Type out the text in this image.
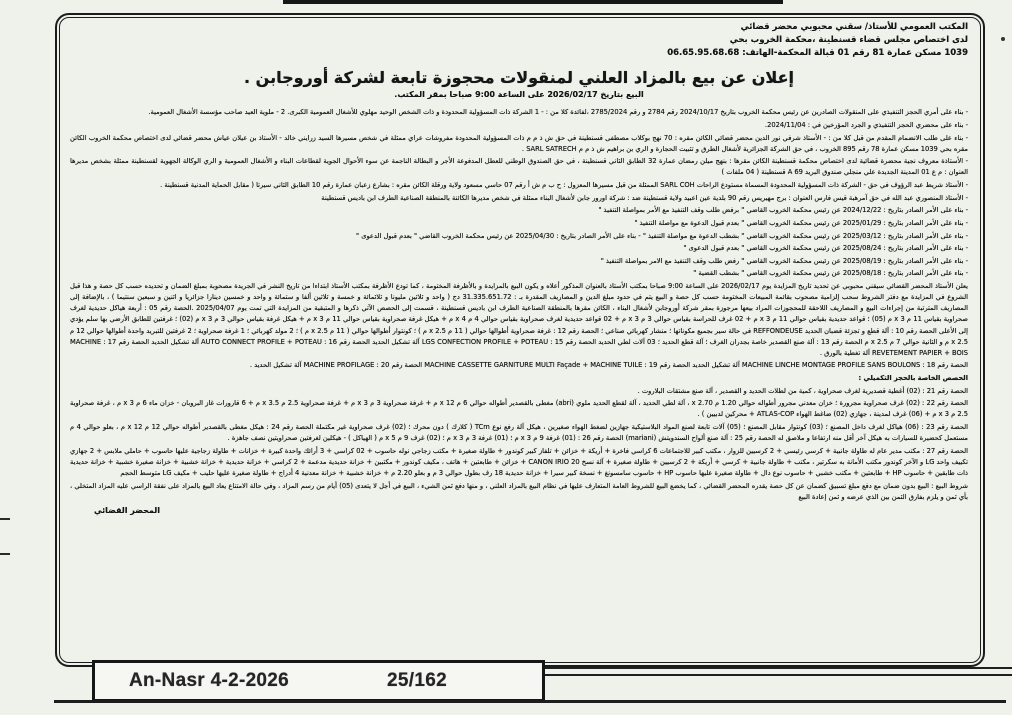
المكتب العمومي للأستاذ/ سقني محبوبي محضر قضائي
لدى اختصاص مجلس قضاء قسنطينة ،محكمة الخروب بحي
1039 مسكن عمارة 81 رقم 01 قبالة المحكمة-الهاتف: 06.65.95.68.68
إعلان عن بيع بالمزاد العلني لمنقولات محجوزة تابعة لشركة أوروجابن .
البيع بتاريخ 2026/02/17 على الساعة 9:00 صباحا بمقر المكتب.
- بناء على أمري الحجز التنفيذي على المنقولات الصادرين عن رئيس محكمة الخروب بتاريخ 2024/10/17 رقم 2784 و رقم 2785/2024 ،لفائدة كلا من : - 1 الشركة ذات المسؤولية المحدودة و ذات الشخص الوحيد مهلوي للأشغال العمومية الكبرى. 2 - ملوية العيد صاحب مؤسسة الأشغال العمومية.
- بناء على محضري الحجز التنفيذي و الجرد المؤرخين في : 2024/11/04.
- بناء على طلب الانضمام المقدم من قبل كلا من : - الأستاذ شرفي نور الدين محضر قضائي الكائن مقره : 70 نهج بوكلاب مصطفى قسنطينة في حق ش ذ م م ذات المسؤولية المحدودة مفروشات عراي ممثلة في شخص مسيرها السيد زرايني خالد - الأستاذ بن عيلان عياش محضر قضائي لدى اختصاص محكمة الخروب الكائن مقره بحي 1039 مسكن عمارة 78 رقم 895 الخروب ، في حق الشركة الجزائرية لأشغال الطرق و تثبيت الحجارة و الري بن براهيم ش ذ م م SARL SATRECH .
- الأستاذة معروف نجية محضرة قضائية لدى اختصاص محكمة قسنطينة الكائن مقرها : بنهج ميلن رمضان عمارة 32 الطابق الثاني قسنطينة ، في حق الصندوق الوطني للعطل المدفوعة الأجر و البطالة الناجمة عن سوء الأحوال الجوية لقطاعات البناء و الأشغال العمومية و الري الوكالة الجهوية لقسنطينة ممثلة بشخص مديرها العنوان : م ع 01 المدينة الجديدة علي منجلي صندوق البريد A 69 قسنطينة ( 04 ملفات )
- الأستاذ شريط عبد الرؤوف في حق - الشركة ذات المسؤولية المحدودة المسماة مستودع الراحات SARL COH الممثلة من قبل مسيرها المعزول : ح ب م ش أ رقم 07 حاسي مسعود ولاية ورقلة الكائن مقره : بشارع زعبان عمارة رقم 10 الطابق الثاني سيرتا ( مقابل الحماية المدنية قسنطينة .
- الأستاذ المنصوري عبد الله في حق آمرهبة قيس فارس العنوان : برج مهيريس رقم 90 بلدية عين اعبيد ولاية قسنطينة ضد : شركة اورور جابن لأشغال البناء ممثلة في شخص مديرها الكائنة بالمنطقة الصناعية الطرف ابن باديس قسنطينة
- بناء على الأمر الصادر بتاريخ : 2024/12/22 عن رئيس محكمة الخروب القاضي " برفض طلب وقف التنفيذ مع الأمر بمواصلة التنفيذ "
- بناء على الأمر الصادر بتاريخ : 2025/01/29 عن رئيس محكمة الخروب القاضي " بعدم قبول الدعوة مع مواصلة التنفيذ "
- بناء على الأمر الصادر بتاريخ : 2025/03/12 عن رئيس محكمة الخروب القاضي " بشطب الدعوة مع مواصلة التنفيذ " - بناء على الأمر الصادر بتاريخ : 2025/04/30 عن رئيس محكمة الخروب القاضي " بعدم قبول الدعوى "
- بناء على الأمر الصادر بتاريخ : 2025/08/24 عن رئيس محكمة الخروب القاضي " بعدم قبول الدعوى "
- بناء على الأمر الصادر بتاريخ : 2025/08/19 عن رئيس محكمة الخروب القاضي " رفض طلب وقف التنفيذ مع الامر بمواصلة التنفيذ "
- بناء على الأمر الصادر بتاريخ : 2025/08/18 عن رئيس محكمة الخروب القاضي " بشطب القضية "
يعلن الأستاذ المحضر القضائي سيقني محبوبي عن تحديد تاريخ المزايدة يوم 2026/02/17 على الساعة 9:00 صباحا بمكتب الأستاذ بالعنوان المذكور أعلاه و يكون البيع بالمزايدة و بالأظرفة المختومة ، كما تودع الأظرفة بمكتب الأستاذ ابتداءا من تاريخ النشر في الجريدة مصحوبة بمبلغ الضمان و تحديده حسب كل حصة و هذا قبل الشروع في المزايدة مع دفتر الشروط سحب إلزامية مصحوب بقائمة المبيعات المختومة حسب كل حصة و البيع يتم في حدود مبلغ الدين و المصاريف المقدرة بـ : 31.335.651.72 دج ( واحد و ثلاثين مليونا و ثلاثمائة و خمسة و ثلاثين ألفا و ستمائة و واحد و خمسين دينارا جزائريا و اثنين و سبعين سنتيما ) ، بالإضافة إلى المصاريف المترتبة من إجراءات البيع و المصاريف اللاحقة للمحجوزات المراد بيعها مرجوزة بمقر شركة أوروجابن لأشغال البناء ، الكائن مقرها بالمنطقة الصناعية الطرف ابن باديس قسنطينة ، قسمت إلى الحصص الآتي ذكرها و المتبقية من المزايدة التي تمت يوم 2025/04/07 .الحصة رقم 05 : أربعة هياكل حديدية لغرف صحراوية بقياس 11 م x 3 م (05) ؛ قواعد حديدية بقياس حوالي 11 م x 3 م + 02 غرف للحراسة بقياس حوالي 3 م x 3 م + 02 قواعد حديدية لغرف صحراوية بقياس حوالي 4 م x 4 م + هيكل غرفة صحراوية بقياس حوالي 11 م x 3 م + هيكل غرفة بقياس حوالي 3 م x 3 م (02) ؛ غرفتين للطابق الأرضي بها سلم يؤدي إلى الأعلى الحصة رقم 10 : آلة قطع و تجزئة قضبان الحديد REFFONDEUSE في حالة سير بجميع مكوناتها ؛ منشار كهربائي صناعي ؛ الحصة رقم 12 : غرفة صحراوية أطوالها حوالي ( 11 م x 2.5 م ) ؛ كونتوار أطوالها حوالي ( 11 م x 2.5 م ) ؛ 2 مولد كهربائي ؛ 1 غرفة صحراوية ؛ 2 غرفتين للتبريد واحدة أطوالها حوالي 12 م x 2.5 م و الثانية حوالي 7 م x 2.5 م الحصة رقم 13 : آلة صنع القصدير خاصة بجدران الغرف ؛ آلة قطع الحديد ؛ 03 آلات لطي الحديد الحصة رقم 15 : LGS CONFECTION PROFILE + POTEAU آلة تشكيل الحديد الحصة رقم 16 : AUTO CONNECT PROFILE + POTEAU آلة تشكيل الحديد الحصة رقم 17 : MACHINE REVETEMENT PAPIER + BOIS آلة تغطية بالورق .
الحصة رقم 18 : MACHINE LINCHE MONTAGE PROFILE SANS BOULONS آلة تشكيل الحديد الحصة رقم 19 : MACHINE CASSETTE GARNITURE MULTI Façade + MACHINE TUILE الحصة رقم 20 : MACHINE PROFILAGE آلة تشكيل الحديد .
الحصص الخاصة بالحجز التكميلي :
الحصة رقم 21 : (02) أغطية قصديرية لغرف صحراوية ، كمية من لطلات الحديد و القصدير ، آلة صنع مشتقات البلاروت .
الحصة رقم 22 : (02) غرف صحراوية مجرورة ؛ خزان معدني مجرور أطواله حوالي 1.20 م x 2.70 ، آلة لطي الحديد ، آلة لقطع الحديد ملوي (abri) مغطى بالقصدير أطواله حوالي 6 م x 12 م + غرفة صحراوية 3 م x 3 م + غرفة صحراوية 2.5 م x 3.5 م + 6 قارورات غاز البروبان - خزان ماء 6 م x 3 م ، غرفة صحراوية 2.5 م x 3 م + (06) غرف لمدينة ، جهازي (02) ضاغط الهواء ATLAS-COP + محركين لدبيين ) .
الحصة رقم 23 : (06) هياكل لغرف داخل المصنع ؛ (03) كونتوار مقابل المصنع ؛ (05) آلات تابعة لصنع المواد البلاستيكية جهازين لضغط الهواء صغيرين ، هيكل آلة رفع نوع TCm ( كلارك ) دون محرك ؛ (02) غرف صحراوية غير مكتملة الحصة رقم 24 : هيكل مغطى بالقصدير أطواله حوالي 12 م x 12 م ، بعلو حوالي 4 م مستعمل كحضيرة للسيارات به هيكل آخر أقل منه ارتفاعا و ملاصق له الحصة رقم 25 : آلة صنع ألواح السندويتش (mariani) الحصة رقم 26 : (01) غرفة 9 م x 3 م ؛ (01) غرفة 3 م x 3 م ؛ (02) غرف 9 م x 5 م ( الهياكل ) - هيكلين لغرفتين صحراويتين نصف جاهزة .
الحصة رقم 27 : مكتب مدير عام له طاولة جانبية + كرسي رئيسي + 2 كرسيين للزوار ، مكتب كبير للاجتماعات 6 كراسي فاخرة + أريكة + خزائن + تلفاز كبير كوندور + طاولة صغيرة + مكتب زجاجي نوله حاسوب + 02 كراسي + 3 أرائك واحدة كبيرة + خزانات + طاولة زجاجية عليها حاسوب + حاملي ملابس + 2 جهازي تكييف واحد LG و الآخر كوندور مكتب الأمانة به سكرتير ، مكتب + طاولة جانبية + كرسي + أريكة + 2 كرسيين + طاولة صغيرة + آلة نسخ CANON IRIO 20 + خزائن + طابعتين + هاتف ، مكيف كوندور + مكتبين + خزانة حديدية مدعمة + 2 كراسي + خزانة حديدية + خزانة خشبية + خزانة صغيرة خشبية + خزانة حديدية ذات طابقين + حاسوب HP + طابعتين + مكتب خشبي + حاسوب نوع دال + طاولة صغيرة عليها حاسوب HP + حاسوب سامسونغ + نسخة كبير سيرا + خزانة حديدية 18 رف بطول حوالي 3 م و بعلو 2.20 م + خزانة خشبية + خزانة معدنية 4 أدراج + طاولة صغيرة عليها حليب + مكيف LG متوسط الحجم
شروط البيع : البيع بدون ضمان مع دفع مبلغ تسبيق كضمان عن كل حصة يقدره المحضر القضائي ، كما يخضع البيع للشروط العامة المتعارف عليها في نظام البيع بالمزاد العلني ، و منها دفع ثمن الشيء ، البيع في أجل لا يتعدى (05) أيام من رسم المزاد ، وفي حالة الامتناع يعاد البيع بالمزاد على نفقة الراسي عليه المزاد المتخلي ، بأي ثمن و يلزم بفارق الثمن بين الذي عرضه و ثمن إعادة البيع
المحضر القضائي
An-Nasr 4-2-2026	25/162
